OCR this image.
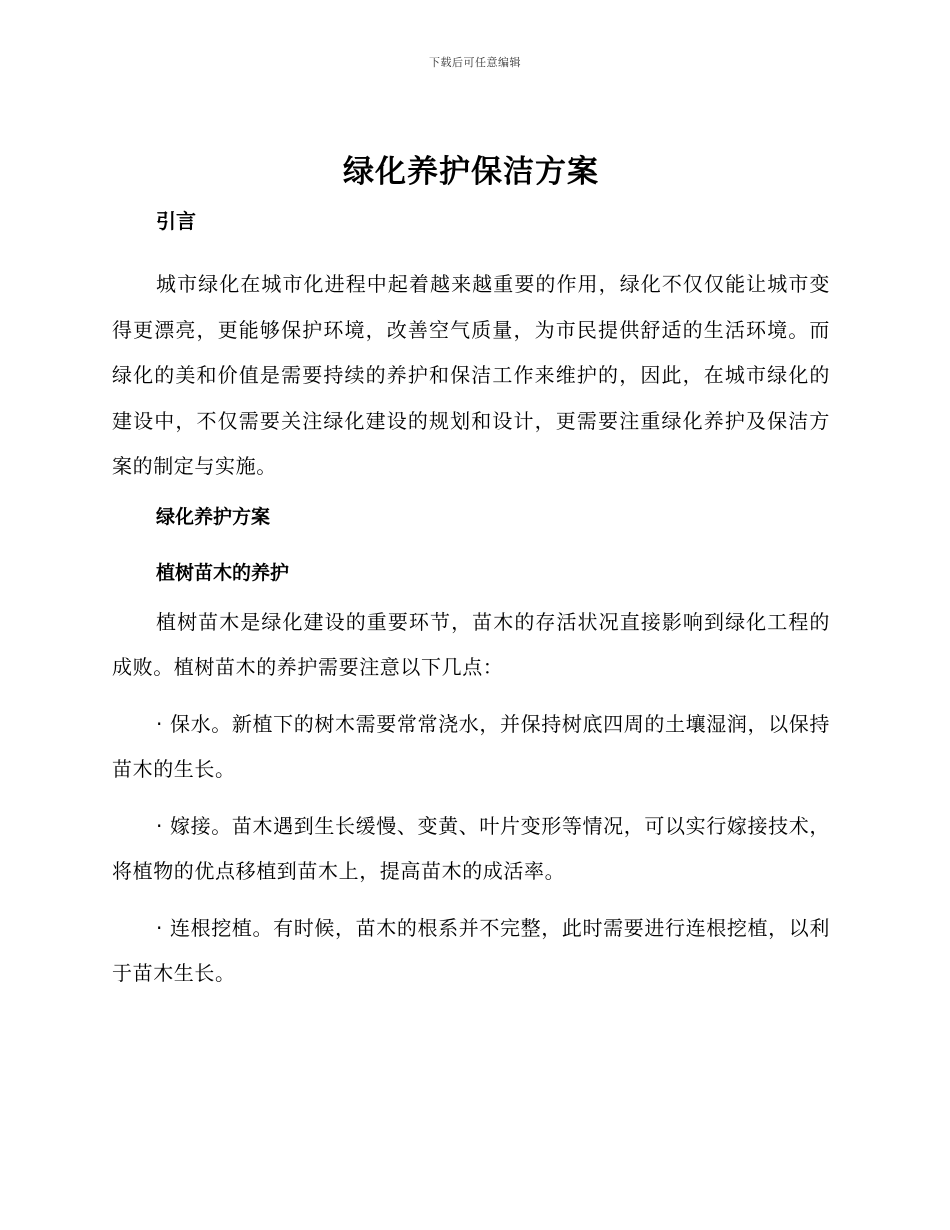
下载后可任意编辑
绿化养护保洁方案
引言

城市绿化在城市化进程中起着越来越重要的作用，绿化不仅仅能让城市变得更漂亮，更能够保护环境，改善空气质量，为市民提供舒适的生活环境。而绿化的美和价值是需要持续的养护和保洁工作来维护的，因此，在城市绿化的建设中，不仅需要关注绿化建设的规划和设计，更需要注重绿化养护及保洁方案的制定与实施。

绿化养护方案
植树苗木的养护

植树苗木是绿化建设的重要环节，苗木的存活状况直接影响到绿化工程的成败。植树苗木的养护需要注意以下几点：

· 保水。新植下的树木需要常常浇水，并保持树底四周的土壤湿润，以保持苗木的生长。

· 嫁接。苗木遇到生长缓慢、变黄、叶片变形等情况，可以实行嫁接技术，将植物的优点移植到苗木上，提高苗木的成活率。

· 连根挖植。有时候，苗木的根系并不完整，此时需要进行连根挖植，以利于苗木生长。
